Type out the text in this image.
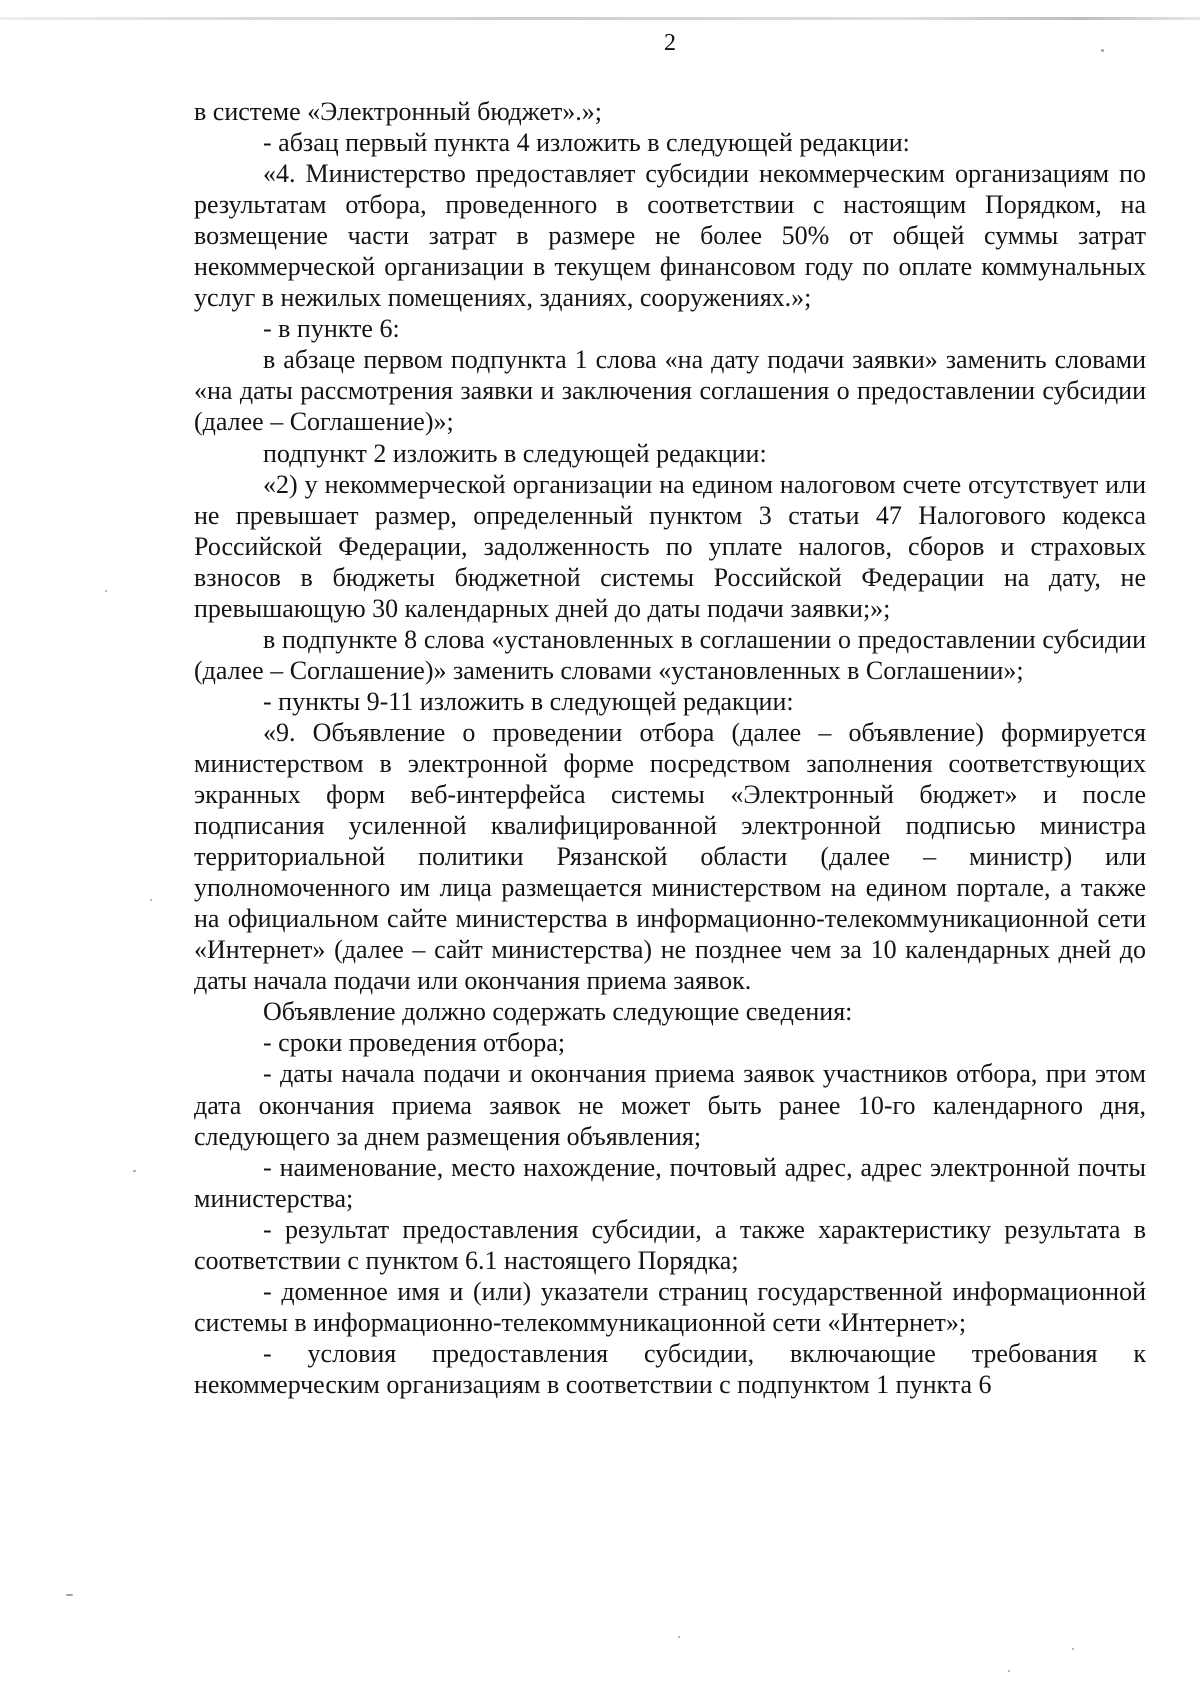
2

в системе «Электронный бюджет».»;

- абзац первый пункта 4 изложить в следующей редакции:

«4. Министерство предоставляет субсидии некоммерческим организациям по результатам отбора, проведенного в соответствии с настоящим Порядком, на возмещение части затрат в размере не более 50% от общей суммы затрат некоммерческой организации в текущем финансовом году по оплате коммунальных услуг в нежилых помещениях, зданиях, сооружениях.»;

- в пункте 6:

в абзаце первом подпункта 1 слова «на дату подачи заявки» заменить словами «на даты рассмотрения заявки и заключения соглашения о предоставлении субсидии (далее – Соглашение)»;

подпункт 2 изложить в следующей редакции:

«2) у некоммерческой организации на едином налоговом счете отсутствует или не превышает размер, определенный пунктом 3 статьи 47 Налогового кодекса Российской Федерации, задолженность по уплате налогов, сборов и страховых взносов в бюджеты бюджетной системы Российской Федерации на дату, не превышающую 30 календарных дней до даты подачи заявки;»;

в подпункте 8 слова «установленных в соглашении о предоставлении субсидии (далее – Соглашение)» заменить словами «установленных в Соглашении»;

- пункты 9-11 изложить в следующей редакции:

«9. Объявление о проведении отбора (далее – объявление) формируется министерством в электронной форме посредством заполнения соответствующих экранных форм веб-интерфейса системы «Электронный бюджет» и после подписания усиленной квалифицированной электронной подписью министра территориальной политики Рязанской области (далее – министр) или уполномоченного им лица размещается министерством на едином портале, а также на официальном сайте министерства в информационно-телекоммуникационной сети «Интернет» (далее – сайт министерства) не позднее чем за 10 календарных дней до даты начала подачи или окончания приема заявок.

Объявление должно содержать следующие сведения:

- сроки проведения отбора;

- даты начала подачи и окончания приема заявок участников отбора, при этом дата окончания приема заявок не может быть ранее 10-го календарного дня, следующего за днем размещения объявления;

- наименование, место нахождение, почтовый адрес, адрес электронной почты министерства;

- результат предоставления субсидии, а также характеристику результата в соответствии с пунктом 6.1 настоящего Порядка;

- доменное имя и (или) указатели страниц государственной информационной системы в информационно-телекоммуникационной сети «Интернет»;

- условия предоставления субсидии, включающие требования к некоммерческим организациям в соответствии с подпунктом 1 пункта 6
